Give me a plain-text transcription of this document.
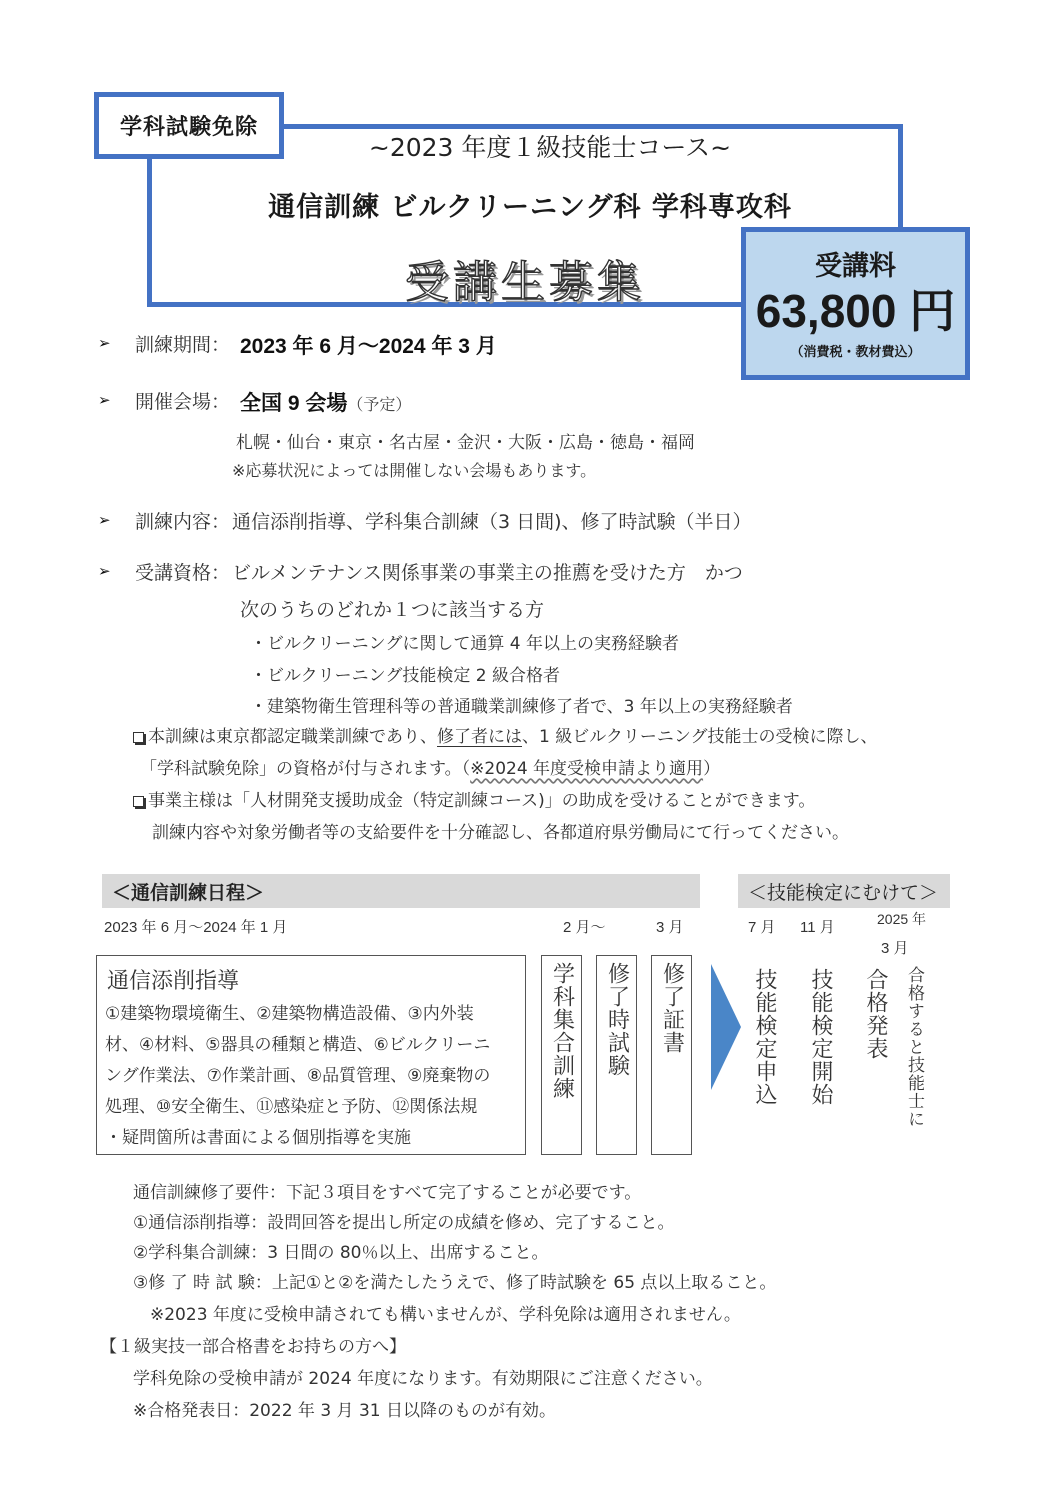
学科試験免除
~2023 年度１級技能士コース~
通信訓練 ビルクリーニング科 学科専攻科
受講生募集	受講料
63,800 円
（消費税・教材費込）
➢ 訓練期間： 2023 年 6 月～2024 年 3 月
➢ 開催会場： 全国 9 会場（予定）
札幌・仙台・東京・名古屋・金沢・大阪・広島・徳島・福岡
※応募状況によっては開催しない会場もあります。
➢ 訓練内容： 通信添削指導、学科集合訓練（3 日間)、修了時試験（半日）
➢ 受講資格： ビルメンテナンス関係事業の事業主の推薦を受けた方　かつ
次のうちのどれか１つに該当する方
・ビルクリーニングに関して通算 4 年以上の実務経験者
・ビルクリーニング技能検定 2 級合格者
・建築物衛生管理科等の普通職業訓練修了者で、3 年以上の実務経験者
本訓練は東京都認定職業訓練であり、修了者には、1 級ビルクリーニング技能士の受検に際し、
「学科試験免除」の資格が付与されます。（※2024 年度受検申請より適用）
事業主様は「人材開発支援助成金（特定訓練コース)」の助成を受けることができます。
訓練内容や対象労働者等の支給要件を十分確認し、各都道府県労働局にて行ってください。
＜通信訓練日程＞	＜技能検定にむけて＞
2023 年 6 月～2024 年 1 月	2 月～	3 月	7 月 11 月	2025 年
3 月
通信添削指導
①建築物環境衛生、②建築物構造設備、③内外装
材、④材料、⑤器具の種類と構造、⑥ビルクリーニ
ング作業法、⑦作業計画、⑧品質管理、⑨廃棄物の
処理、⑩安全衛生、⑪感染症と予防、⑫関係法規
・疑問箇所は書面による個別指導を実施
学科集合訓練 修了時試験 修了証書	技能検定申込 技能検定開始 合格発表 合格すると技能士に
通信訓練修了要件：下記３項目をすべて完了することが必要です。
①通信添削指導：設問回答を提出し所定の成績を修め、完了すること。
②学科集合訓練：3 日間の 80％以上、出席すること。
③修 了 時 試 験：上記①と②を満たしたうえで、修了時試験を 65 点以上取ること。
※2023 年度に受検申請されても構いませんが、学科免除は適用されません。
【１級実技一部合格書をお持ちの方へ】
学科免除の受検申請が 2024 年度になります。有効期限にご注意ください。
※合格発表日：2022 年 3 月 31 日以降のものが有効。
